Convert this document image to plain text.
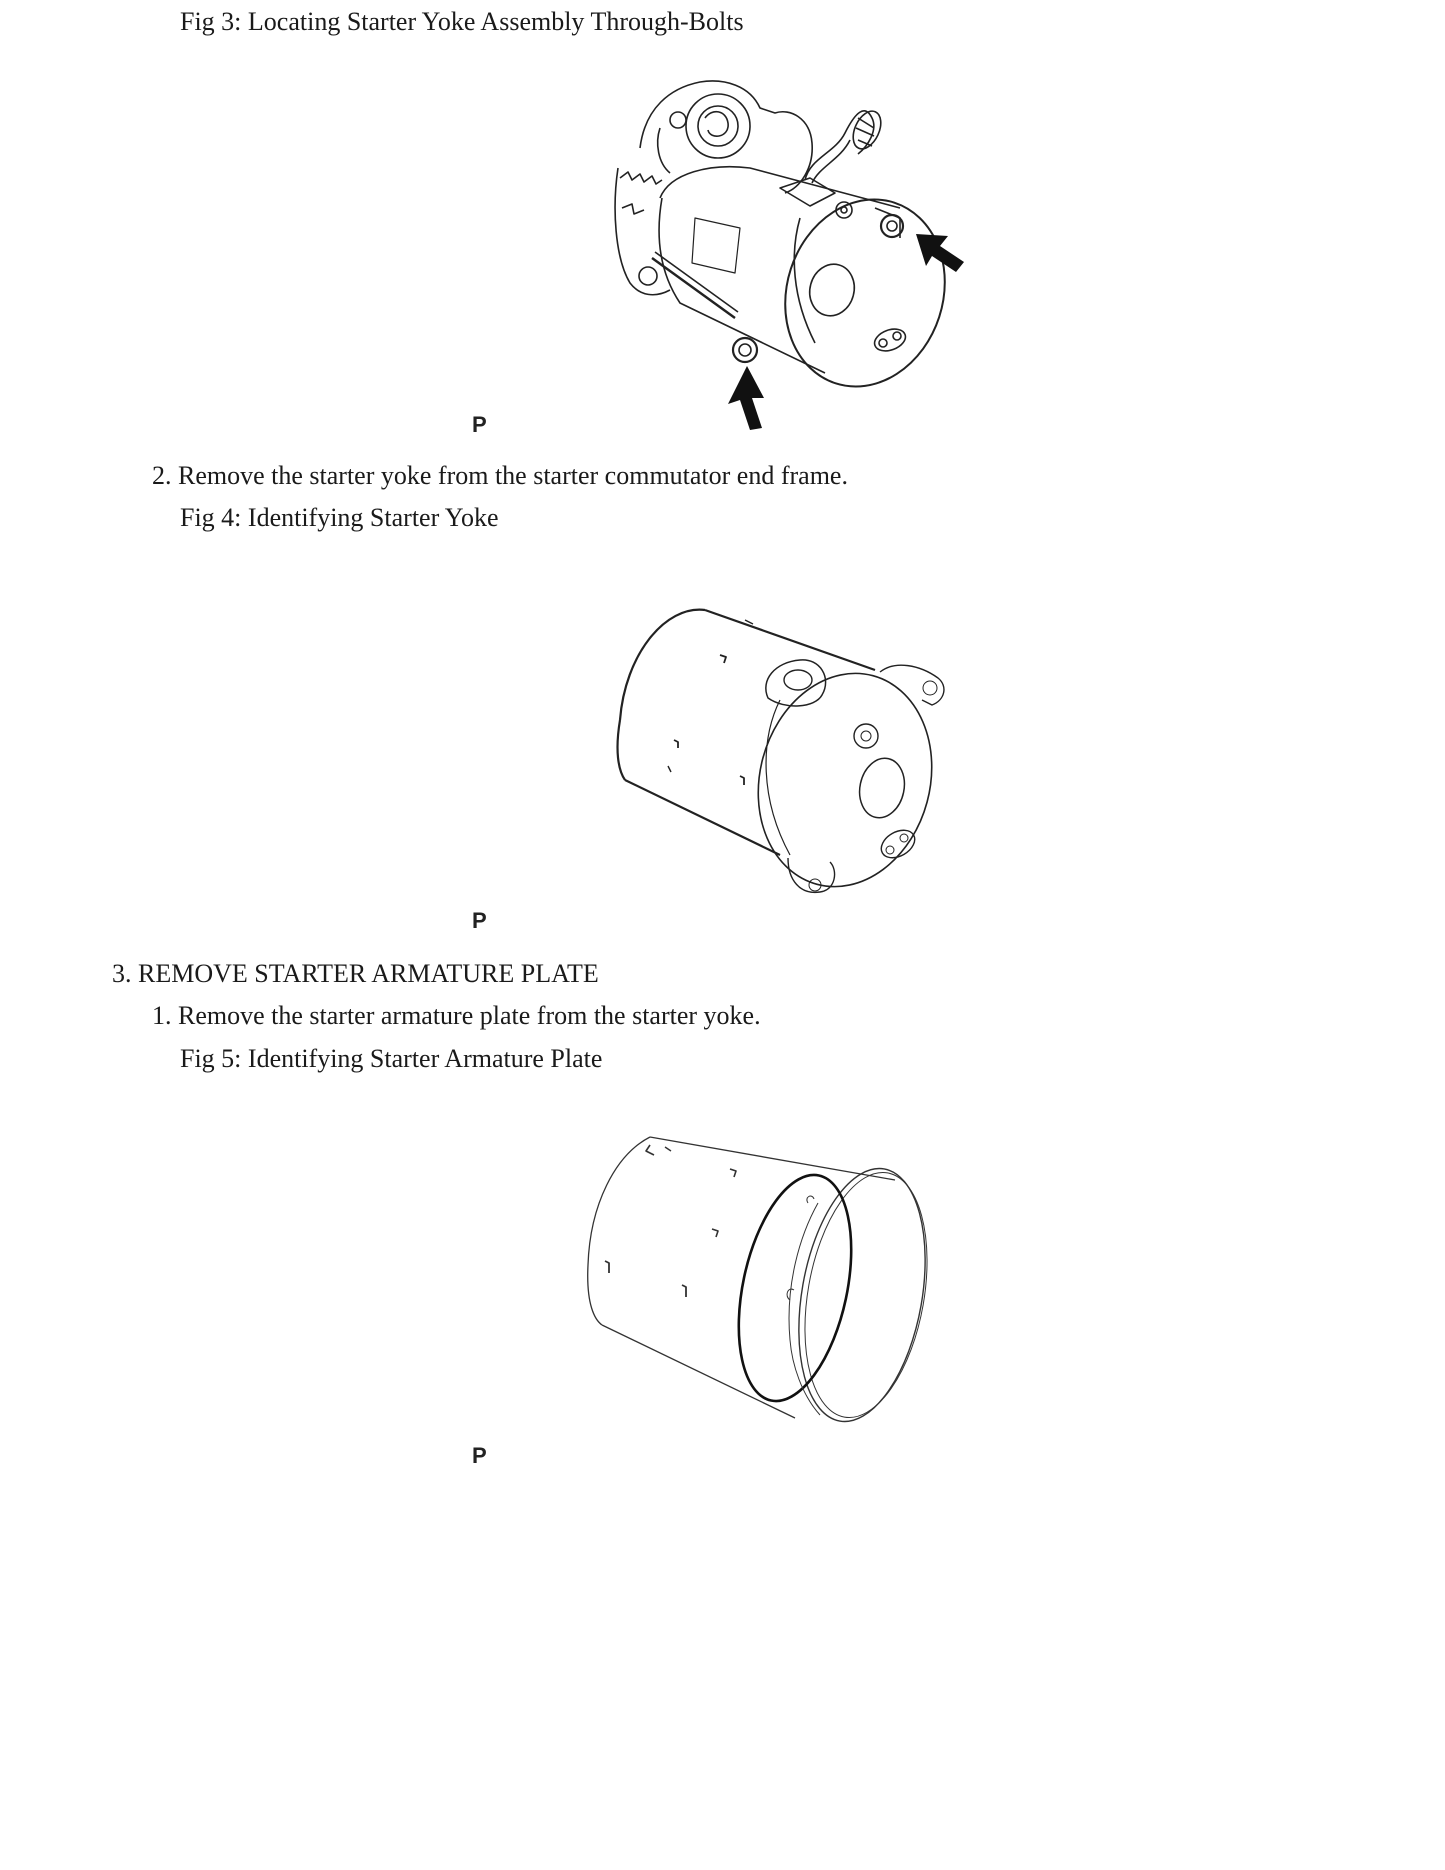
Fig 3: Locating Starter Yoke Assembly Through-Bolts
P
2. Remove the starter yoke from the starter commutator end frame.
Fig 4: Identifying Starter Yoke
P
3. REMOVE STARTER ARMATURE PLATE
1. Remove the starter armature plate from the starter yoke.
Fig 5: Identifying Starter Armature Plate
P
